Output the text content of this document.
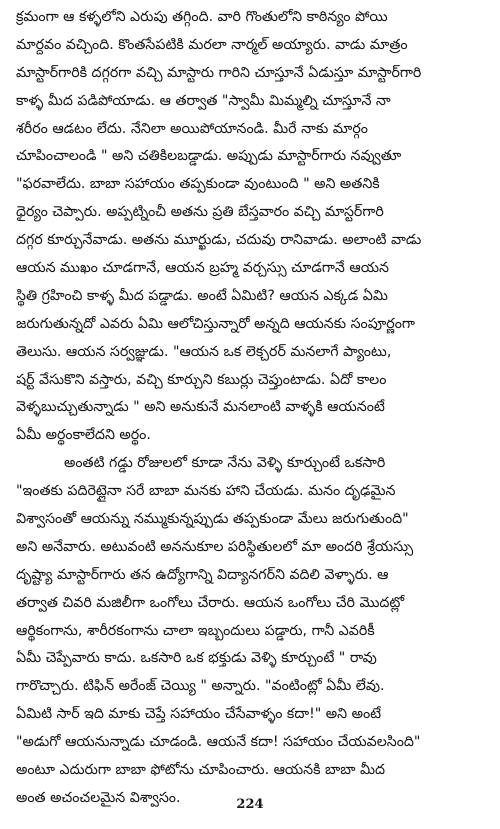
క్రమంగా ఆ కళ్ళలోని ఎరుపు తగ్గింది. వారి గొంతులోని కాఠిన్యం పోయి
మార్దవం వచ్చింది. కొంతసేపటికి మరలా నార్మల్ అయ్యారు. వాడు మాత్రం
మాస్టార్‌గారికి దగ్గరగా వచ్చి మాస్టారు గారిని చూస్తూనే ఏడుస్తూ మాస్టార్‌గారి
కాళ్ళ మీద పడిపోయాడు. ఆ తర్వాత "స్వామీ మిమ్మల్ని చూస్తూనే నా
శరీరం ఆడటం లేదు. నేనిలా అయిపోయానండి. మీరే నాకు మార్గం
చూపించాలండి " అని చతికిలబడ్డాడు. అప్పుడు మాస్టార్‌గారు నవ్వుతూ
"ఫరవాలేదు. బాబా సహాయం తప్పకుండా వుంటుంది " అని అతనికి
ధైర్యం చెప్పారు. అప్పట్నించీ అతను ప్రతి బేస్తవారం వచ్చి మాస్టర్‌గారి
దగ్గర కూర్చునేవాడు. అతను మూర్ఖుడు, చదువు రానివాడు. అలాంటి వాడు
ఆయన ముఖం చూడగానే, ఆయన బ్రహ్మ వర్చస్సు చూడగానే ఆయన
స్థితి గ్రహించి కాళ్ళ మీద పడ్డాడు. అంటే ఏమిటి? ఆయన ఎక్కడ ఏమి
జరుగుతున్నదో ఎవరు ఏమి ఆలోచిస్తున్నారో అన్నది ఆయనకు సంపూర్ణంగా
తెలుసు. ఆయన సర్వజ్ఞుడు. "ఆయన ఒక లెక్చరర్ మనలాగే ప్యాంటు,
షర్ట్ వేసుకొని వస్తారు, వచ్చి కూర్చుని కబుర్లు చెప్తుంటాడు. ఏదో కాలం
వెళ్ళబుచ్చుతున్నాడు " అని అనుకునే మనలాంటి వాళ్ళకి ఆయనంటే
ఏమీ అర్థంకాలేదని అర్థం.
అంతటి గడ్డు రోజులలో కూడా నేను వెళ్ళి కూర్చుంటే ఒకసారి
"ఇంతకు పదిరెట్లైనా సరే బాబా మనకు హాని చేయడు. మనం దృఢమైన
విశ్వాసంతో ఆయన్ను నమ్ముకున్నప్పుడు తప్పకుండా మేలు జరుగుతుంది"
అని అనేవారు. అటువంటి అననుకూల పరిస్థితులలో మా అందరి శ్రేయస్సు
దృష్ట్యా మాస్టార్‌గారు తన ఉద్యోగాన్ని విద్యానగర్‌ని వదిలి వెళ్ళారు. ఆ
తర్వాత చివరి మజిలీగా ఒంగోలు చేరారు. ఆయన ఒంగోలు చేరి మొదట్లో
ఆర్థికంగాను, శారీరకంగాను చాలా ఇబ్బందులు పడ్డారు, గానీ ఎవరికీ
ఏమీ చెప్పేవారు కాదు. ఒకసారి ఒక భక్తుడు వెళ్ళి కూర్చుంటే " రావు
గారొచ్చారు. టిఫిన్ అరేంజ్ చెయ్యి " అన్నారు. "వంటింట్లో ఏమీ లేవు.
ఏమిటి సార్ ఇది మాకు చెప్తే సహాయం చేసేవాళ్ళం కదా!" అని అంటే
"అడుగో ఆయనున్నాడు చూడండి. ఆయనే కదా! సహాయం చేయవలసింది"
అంటూ ఎదురుగా బాబా ఫోటోను చూపించారు. ఆయనకి బాబా మీద
అంత అచంచలమైన విశ్వాసం.	224
